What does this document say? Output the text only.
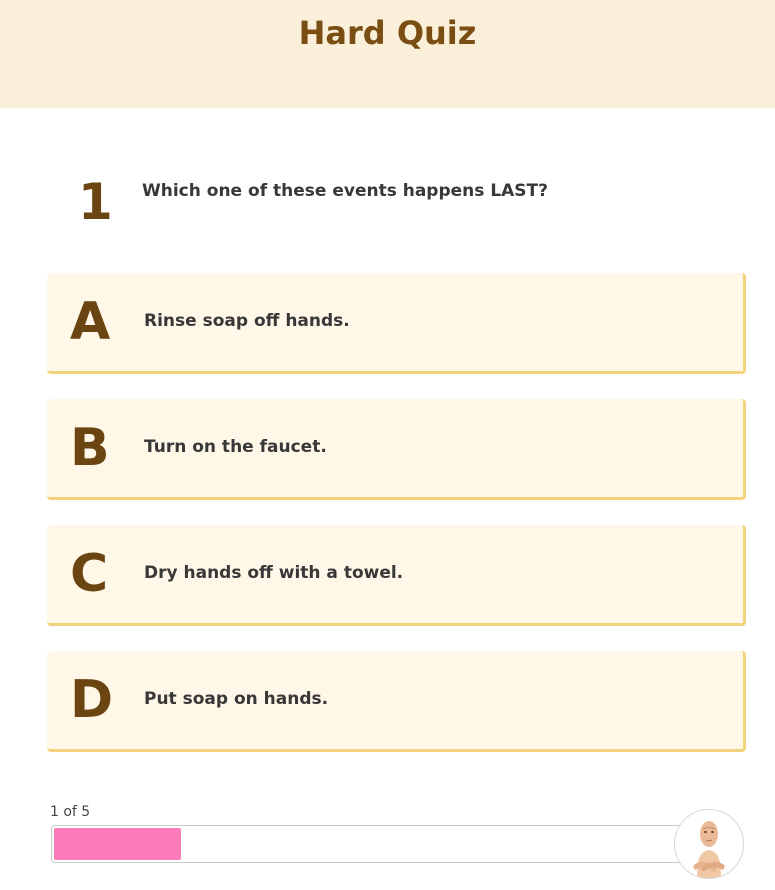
Hard Quiz
1	Which one of these events happens LAST?
A	Rinse soap off hands.
B	Turn on the faucet.
C	Dry hands off with a towel.
D	Put soap on hands.
1 of 5
